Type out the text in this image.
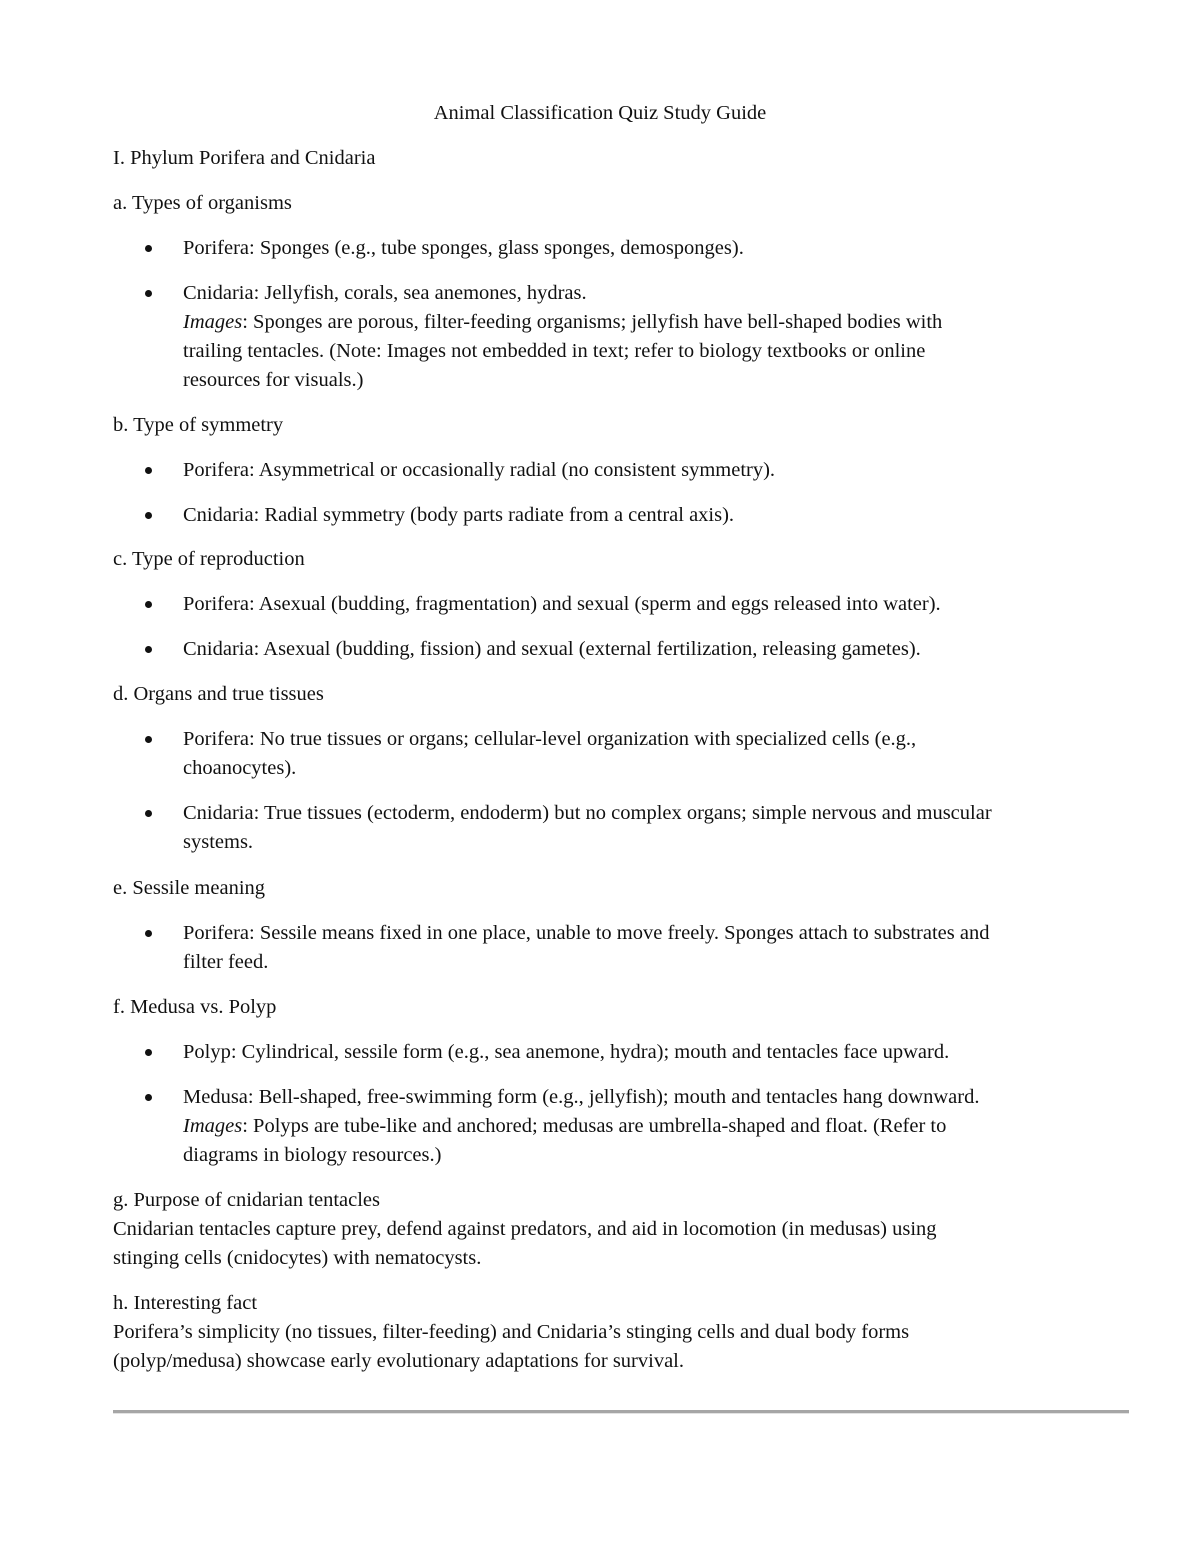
Animal Classification Quiz Study Guide
I. Phylum Porifera and Cnidaria
a. Types of organisms

Porifera: Sponges (e.g., tube sponges, glass sponges, demosponges).

Cnidaria: Jellyfish, corals, sea anemones, hydras.

Images: Sponges are porous, filter-feeding organisms; jellyfish have bell-shaped bodies with

trailing tentacles. (Note: Images not embedded in text; refer to biology textbooks or online

resources for visuals.)

b. Type of symmetry

Porifera: Asymmetrical or occasionally radial (no consistent symmetry).

Cnidaria: Radial symmetry (body parts radiate from a central axis).

c. Type of reproduction

Porifera: Asexual (budding, fragmentation) and sexual (sperm and eggs released into water).

Cnidaria: Asexual (budding, fission) and sexual (external fertilization, releasing gametes).

d. Organs and true tissues

Porifera: No true tissues or organs; cellular-level organization with specialized cells (e.g.,

choanocytes).

Cnidaria: True tissues (ectoderm, endoderm) but no complex organs; simple nervous and muscular

systems.

e. Sessile meaning

Porifera: Sessile means fixed in one place, unable to move freely. Sponges attach to substrates and

filter feed.

f. Medusa vs. Polyp

Polyp: Cylindrical, sessile form (e.g., sea anemone, hydra); mouth and tentacles face upward.

Medusa: Bell-shaped, free-swimming form (e.g., jellyfish); mouth and tentacles hang downward.

Images: Polyps are tube-like and anchored; medusas are umbrella-shaped and float. (Refer to

diagrams in biology resources.)

g. Purpose of cnidarian tentacles
Cnidarian tentacles capture prey, defend against predators, and aid in locomotion (in medusas) using
stinging cells (cnidocytes) with nematocysts.
h. Interesting fact
Porifera’s simplicity (no tissues, filter-feeding) and Cnidaria’s stinging cells and dual body forms
(polyp/medusa) showcase early evolutionary adaptations for survival.
